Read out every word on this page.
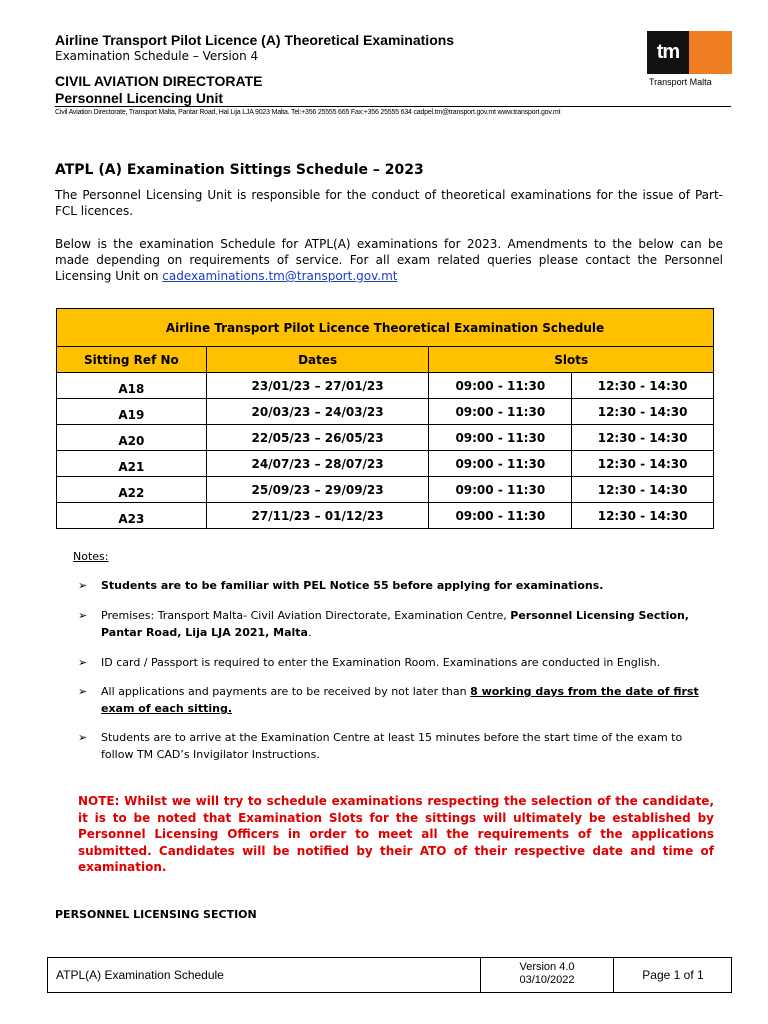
Airline Transport Pilot Licence (A) Theoretical Examinations
Examination Schedule – Version 4
CIVIL AVIATION DIRECTORATE
Personnel Licencing Unit
Civil Aviation Directorate, Transport Malta, Pantar Road, Hal Lija LJA 9023 Malta. Tel:+356 25555 665 Fax:+356 25555 634 cadpel.tm@transport.gov.mt www.transport.gov.mt
tm
Transport Malta
ATPL (A) Examination Sittings Schedule – 2023
The Personnel Licensing Unit is responsible for the conduct of theoretical examinations for the issue of Part-FCL licences.
Below is the examination Schedule for ATPL(A) examinations for 2023. Amendments to the below can be made depending on requirements of service. For all exam related queries please contact the Personnel Licensing Unit on cadexaminations.tm@transport.gov.mt
Airline Transport Pilot Licence Theoretical Examination Schedule			
Sitting Ref No	Dates	Slots	
A18	23/01/23 – 27/01/23	09:00 - 11:30	12:30 - 14:30
A19	20/03/23 – 24/03/23	09:00 - 11:30	12:30 - 14:30
A20	22/05/23 – 26/05/23	09:00 - 11:30	12:30 - 14:30
A21	24/07/23 – 28/07/23	09:00 - 11:30	12:30 - 14:30
A22	25/09/23 – 29/09/23	09:00 - 11:30	12:30 - 14:30
A23	27/11/23 – 01/12/23	09:00 - 11:30	12:30 - 14:30
Notes:
➢	Students are to be familiar with PEL Notice 55 before applying for examinations.
➢	Premises: Transport Malta- Civil Aviation Directorate, Examination Centre, Personnel Licensing Section, Pantar Road, Lija LJA 2021, Malta.
➢	ID card / Passport is required to enter the Examination Room. Examinations are conducted in English.
➢	All applications and payments are to be received by not later than 8 working days from the date of first exam of each sitting.
➢	Students are to arrive at the Examination Centre at least 15 minutes before the start time of the exam to follow TM CAD’s Invigilator Instructions.
NOTE: Whilst we will try to schedule examinations respecting the selection of the candidate, it is to be noted that Examination Slots for the sittings will ultimately be established by Personnel Licensing Officers in order to meet all the requirements of the applications submitted. Candidates will be notified by their ATO of their respective date and time of examination.
PERSONNEL LICENSING SECTION
ATPL(A) Examination Schedule
Version 4.0
03/10/2022	Page 1 of 1
